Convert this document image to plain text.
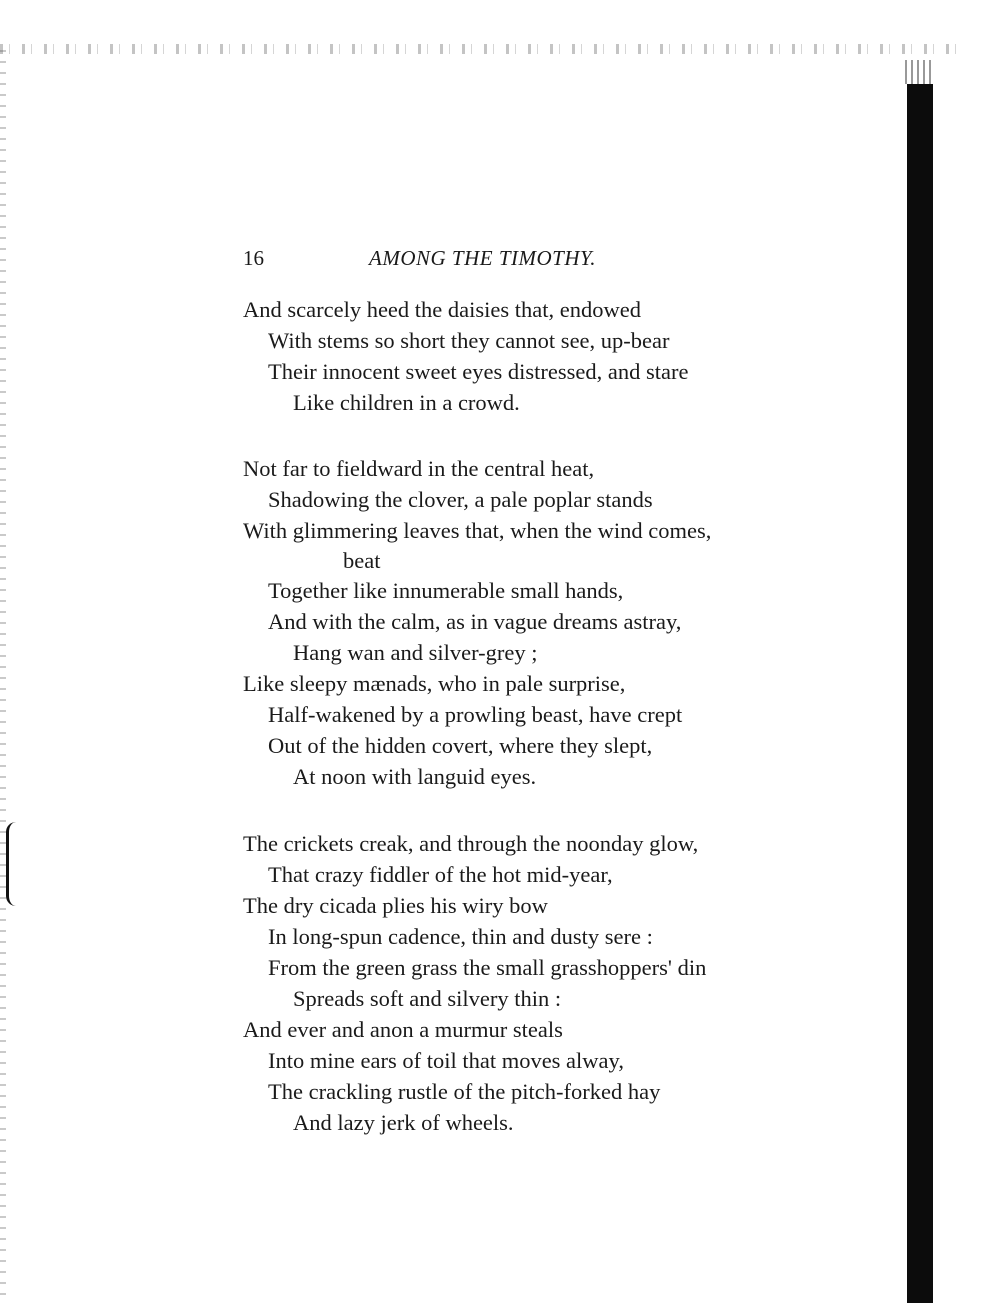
16	AMONG THE TIMOTHY.
And scarcely heed the daisies that, endowed
With stems so short they cannot see, up-bear
Their innocent sweet eyes distressed, and stare
Like children in a crowd.
Not far to fieldward in the central heat,
Shadowing the clover, a pale poplar stands
With glimmering leaves that, when the wind comes,
beat
Together like innumerable small hands,
And with the calm, as in vague dreams astray,
Hang wan and silver-grey ;
Like sleepy mænads, who in pale surprise,
Half-wakened by a prowling beast, have crept
Out of the hidden covert, where they slept,
At noon with languid eyes.
The crickets creak, and through the noonday glow,
That crazy fiddler of the hot mid-year,
The dry cicada plies his wiry bow
In long-spun cadence, thin and dusty sere :
From the green grass the small grasshoppers' din
Spreads soft and silvery thin :
And ever and anon a murmur steals
Into mine ears of toil that moves alway,
The crackling rustle of the pitch-forked hay
And lazy jerk of wheels.
